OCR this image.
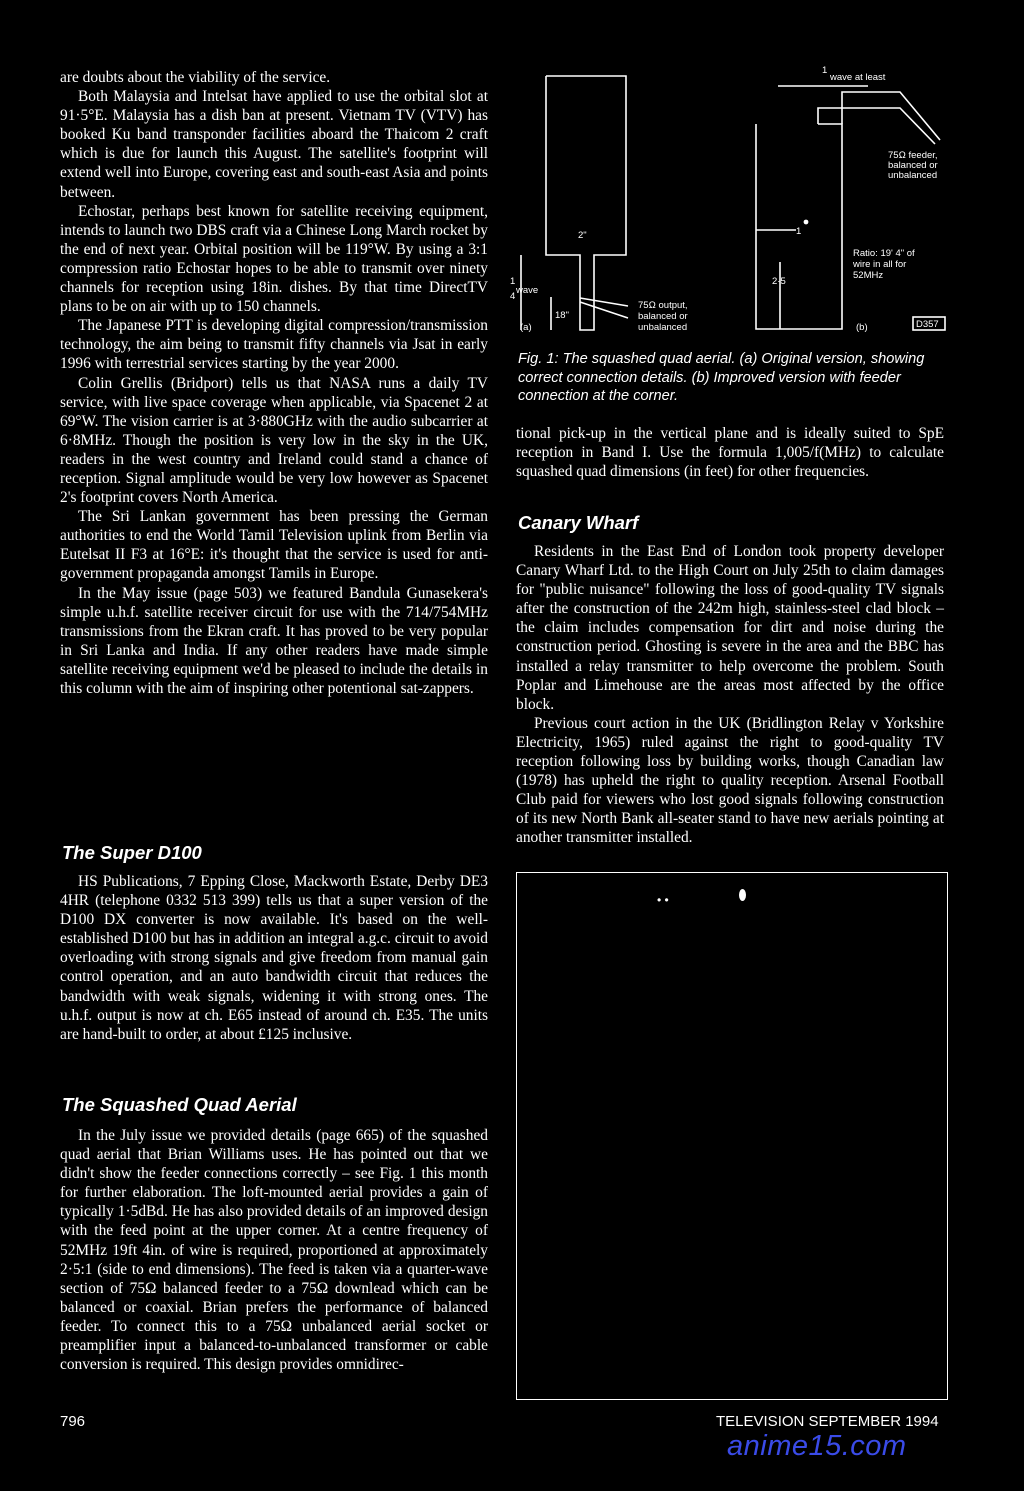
are doubts about the viability of the service.

Both Malaysia and Intelsat have applied to use the orbital slot at 91·5°E. Malaysia has a dish ban at present. Vietnam TV (VTV) has booked Ku band transponder facilities aboard the Thaicom 2 craft which is due for launch this August. The satellite's footprint will extend well into Europe, covering east and south-east Asia and points between.

Echostar, perhaps best known for satellite receiving equipment, intends to launch two DBS craft via a Chinese Long March rocket by the end of next year. Orbital position will be 119°W. By using a 3:1 compression ratio Echostar hopes to be able to transmit over ninety channels for reception using 18in. dishes. By that time DirectTV plans to be on air with up to 150 channels.

The Japanese PTT is developing digital compression/transmission technology, the aim being to transmit fifty channels via Jsat in early 1996 with terrestrial services starting by the year 2000.

Colin Grellis (Bridport) tells us that NASA runs a daily TV service, with live space coverage when applicable, via Spacenet 2 at 69°W. The vision carrier is at 3·880GHz with the audio subcarrier at 6·8MHz. Though the position is very low in the sky in the UK, readers in the west country and Ireland could stand a chance of reception. Signal amplitude would be very low however as Spacenet 2's footprint covers North America.

The Sri Lankan government has been pressing the German authorities to end the World Tamil Television uplink from Berlin via Eutelsat II F3 at 16°E: it's thought that the service is used for anti-government propaganda amongst Tamils in Europe.

In the May issue (page 503) we featured Bandula Gunasekera's simple u.h.f. satellite receiver circuit for use with the 714/754MHz transmissions from the Ekran craft. It has proved to be very popular in Sri Lanka and India. If any other readers have made simple satellite receiving equipment we'd be pleased to include the details in this column with the aim of inspiring other potentional sat-zappers.

The Super D100

HS Publications, 7 Epping Close, Mackworth Estate, Derby DE3 4HR (telephone 0332 513 399) tells us that a super version of the D100 DX converter is now available. It's based on the well-established D100 but has in addition an integral a.g.c. circuit to avoid overloading with strong signals and give freedom from manual gain control operation, and an auto bandwidth circuit that reduces the bandwidth with weak signals, widening it with strong ones. The u.h.f. output is now at ch. E65 instead of around ch. E35. The units are hand-built to order, at about £125 inclusive.

The Squashed Quad Aerial

In the July issue we provided details (page 665) of the squashed quad aerial that Brian Williams uses. He has pointed out that we didn't show the feeder connections correctly – see Fig. 1 this month for further elaboration. The loft-mounted aerial provides a gain of typically 1·5dBd. He has also provided details of an improved design with the feed point at the upper corner. At a centre frequency of 52MHz 19ft 4in. of wire is required, proportioned at approximately 2·5:1 (side to end dimensions). The feed is taken via a quarter-wave section of 75Ω balanced feeder to a 75Ω downlead which can be balanced or coaxial. Brian prefers the performance of balanced feeder. To connect this to a 75Ω unbalanced aerial socket or preamplifier input a balanced-to-unbalanced transformer or cable conversion is required. This design provides omnidirec-

1
4
wave
(a)
2"
18"
75Ω output,
balanced or
unbalanced
1
wave at least
75Ω feeder,
balanced or
unbalanced
1
2·5
Ratio: 19' 4" of
wire in all for
52MHz
(b)	D357
Fig. 1: The squashed quad aerial. (a) Original version, showing correct connection details. (b) Improved version with feeder connection at the corner.

tional pick-up in the vertical plane and is ideally suited to SpE reception in Band I. Use the formula 1,005/f(MHz) to calculate squashed quad dimensions (in feet) for other frequencies.

Canary Wharf

Residents in the East End of London took property developer Canary Wharf Ltd. to the High Court on July 25th to claim damages for "public nuisance" following the loss of good-quality TV signals after the construction of the 242m high, stainless-steel clad block – the claim includes compensation for dirt and noise during the construction period. Ghosting is severe in the area and the BBC has installed a relay transmitter to help overcome the problem. South Poplar and Limehouse are the areas most affected by the office block.

Previous court action in the UK (Bridlington Relay v Yorkshire Electricity, 1965) ruled against the right to good-quality TV reception following loss by building works, though Canadian law (1978) has upheld the right to quality reception. Arsenal Football Club paid for viewers who lost good signals following construction of its new North Bank all-seater stand to have new aerials pointing at another transmitter installed.

• •
796	TELEVISION SEPTEMBER 1994
anime15.com
